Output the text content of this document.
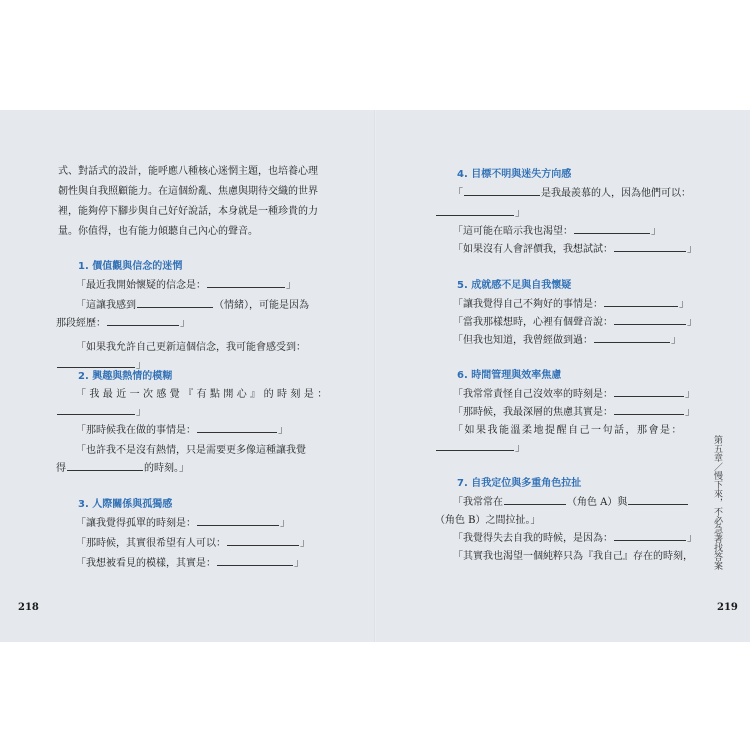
式、對話式的設計，能呼應八種核心迷惘主題，也培養心理韌性與自我照顧能力。在這個紛亂、焦慮與期待交織的世界裡，能夠停下腳步與自己好好說話，本身就是一種珍貴的力量。你值得，也有能力傾聽自己內心的聲音。

1. 價值觀與信念的迷惘

「最近我開始懷疑的信念是：	」

「這讓我感到	（情緒），可能是因為

那段經歷：	」

「如果我允許自己更新這個信念，我可能會感受到：

」

2. 興趣與熱情的模糊

「我最近一次感覺『有點開心』的時刻是：

」

「那時候我在做的事情是：	」

「也許我不是沒有熱情，只是需要更多像這種讓我覺

得	的時刻。」

3. 人際關係與孤獨感

「讓我覺得孤單的時刻是：	」

「那時候，其實很希望有人可以：	」

「我想被看見的模樣，其實是：	」

218

4. 目標不明與迷失方向感

「	是我最羨慕的人，因為他們可以：

」

「這可能在暗示我也渴望：	」

「如果沒有人會評價我，我想試試：	」

5. 成就感不足與自我懷疑

「讓我覺得自己不夠好的事情是：	」

「當我那樣想時，心裡有個聲音說：	」

「但我也知道，我曾經做到過：	」

6. 時間管理與效率焦慮

「我常常責怪自己沒效率的時刻是：	」

「那時候，我最深層的焦慮其實是：	」

「如果我能溫柔地提醒自己一句話，那會是：

」

7. 自我定位與多重角色拉扯

「我常常在	（角色 A）與

（角色 B）之間拉扯。」

「我覺得失去自我的時候，是因為：	」

「其實我也渴望一個純粹只為『我自己』存在的時刻，

219
第五章／慢下來，不必急著找答案
